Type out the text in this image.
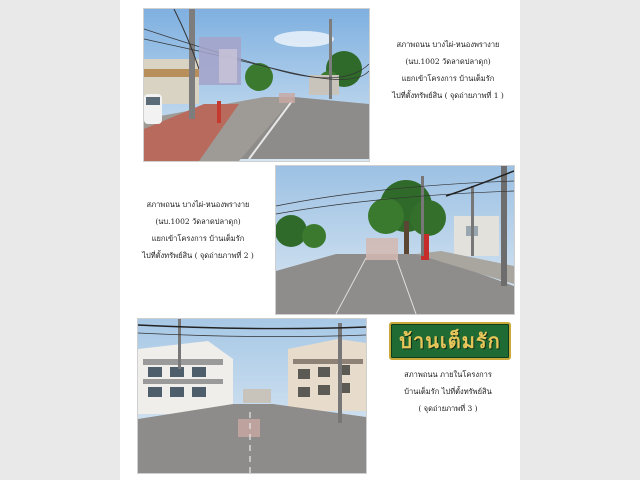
สภาพถนน บางไผ่-หนองพรางาย
(นบ.1002 วัดลาดปลาดุก)
แยกเข้าโครงการ บ้านเต็มรัก
ไปที่ตั้งทรัพย์สิน ( จุดถ่ายภาพที่ 1 )
สภาพถนน บางไผ่-หนองพรางาย
(นบ.1002 วัดลาดปลาดุก)
แยกเข้าโครงการ บ้านเต็มรัก
ไปที่ตั้งทรัพย์สิน ( จุดถ่ายภาพที่ 2 )
บ้านเต็มรัก
สภาพถนน ภายในโครงการ
บ้านเต็มรัก ไปที่ตั้งทรัพย์สิน
( จุดถ่ายภาพที่ 3 )
